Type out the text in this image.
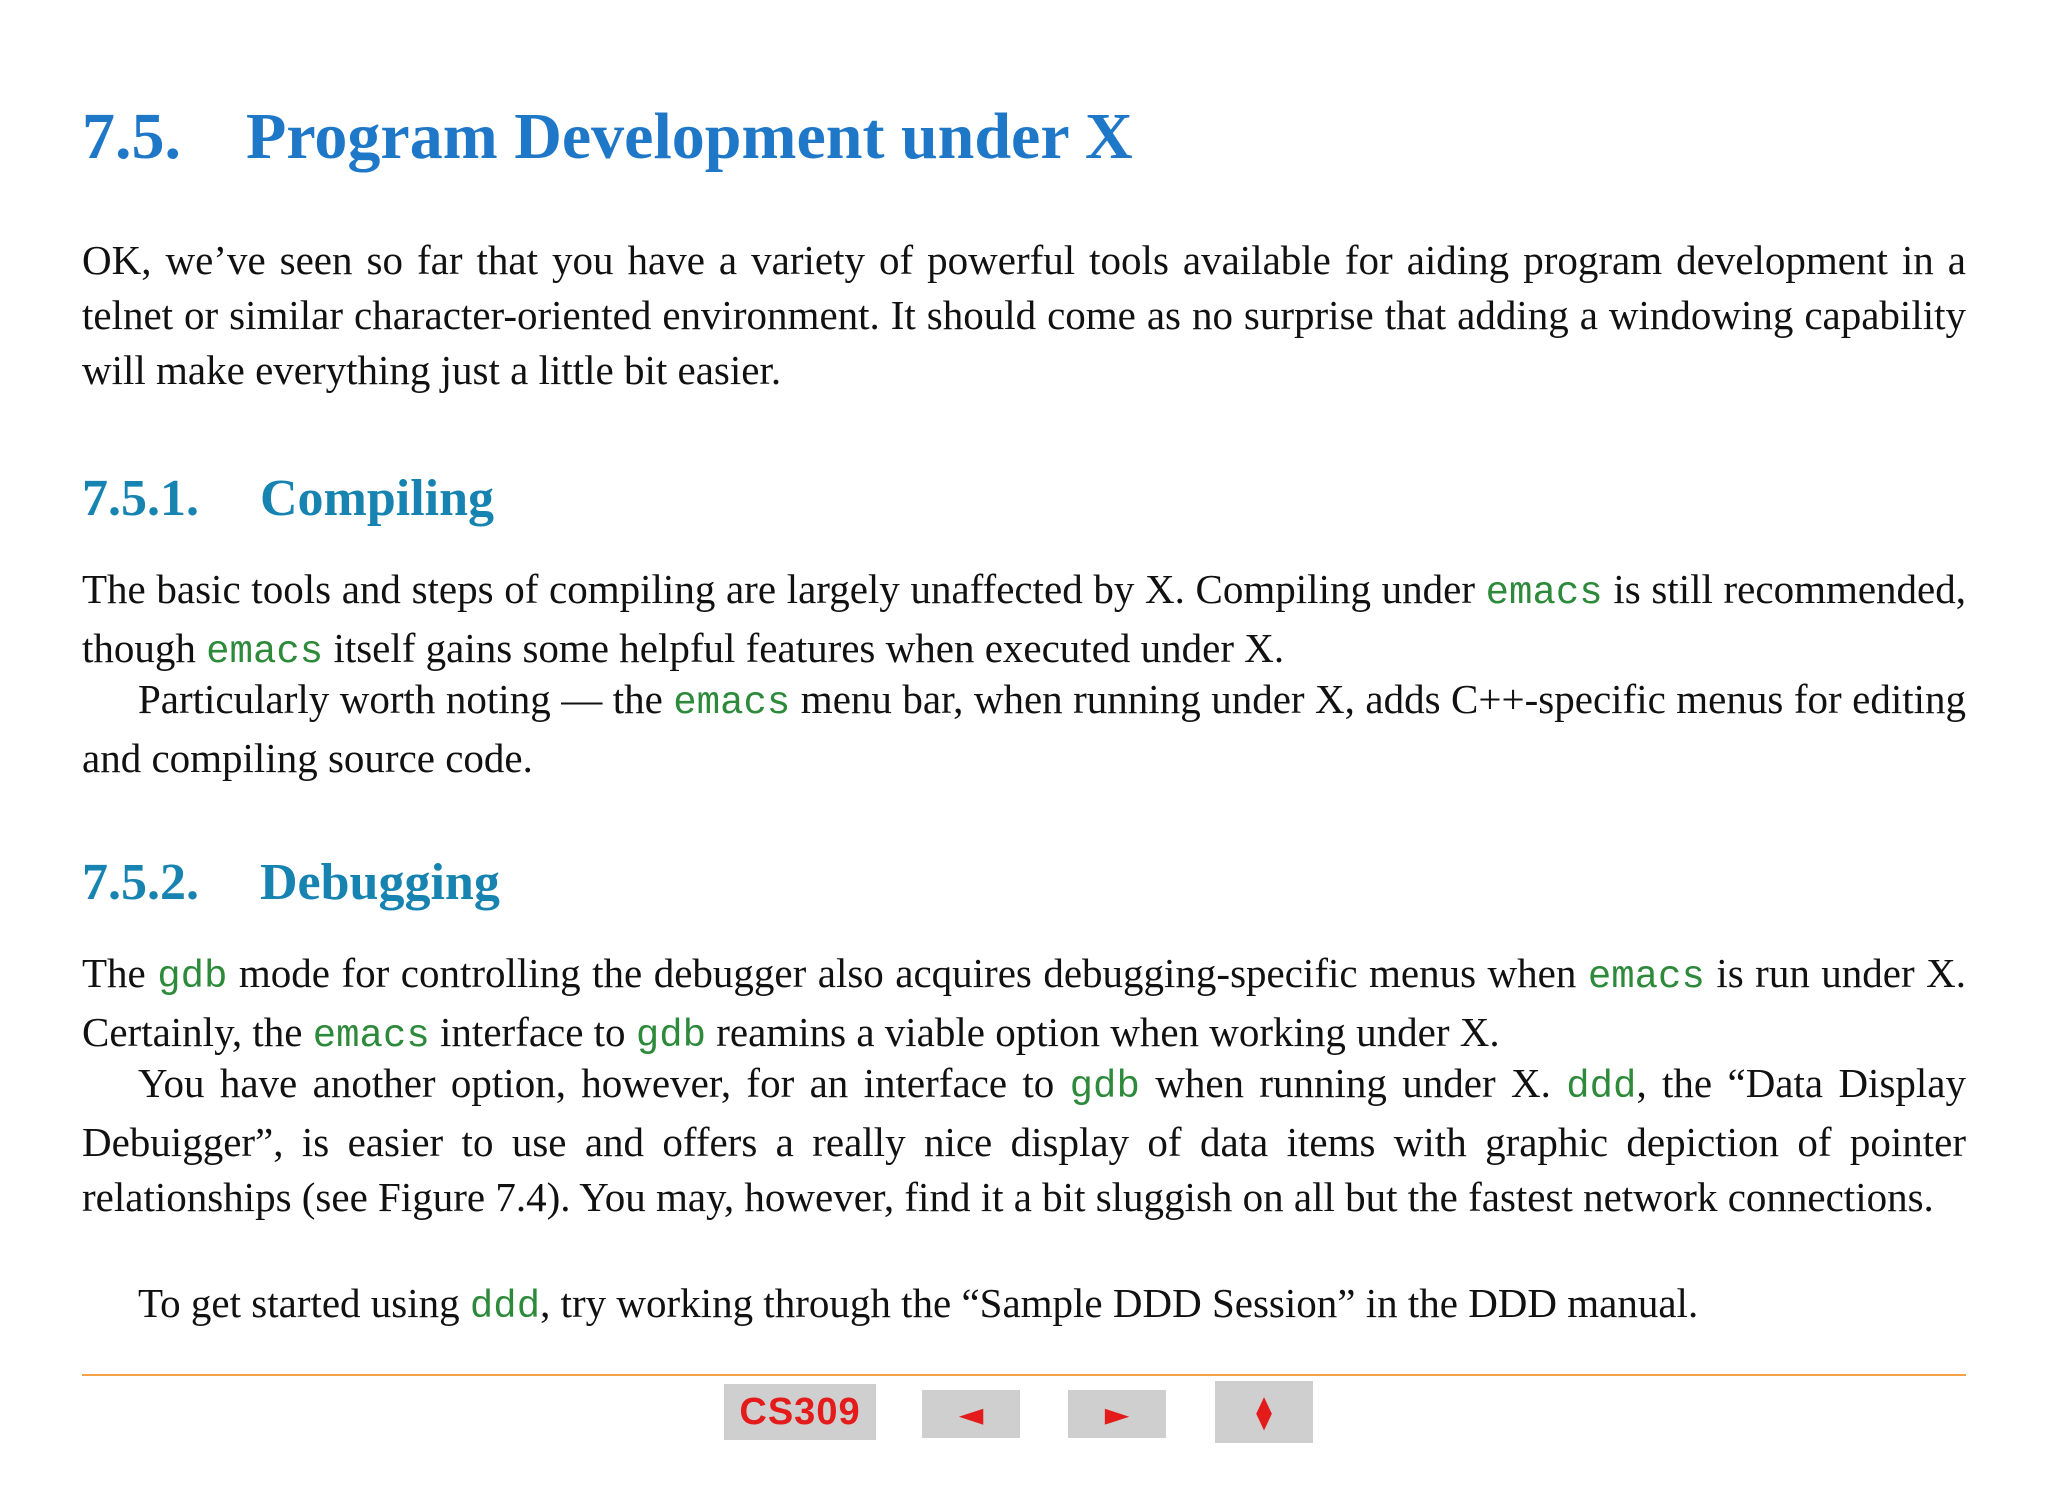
7.5. Program Development under X

OK, we’ve seen so far that you have a variety of powerful tools available for aiding program development in a telnet or similar character-oriented environment. It should come as no surprise that adding a windowing capability will make everything just a little bit easier.

7.5.1. Compiling

The basic tools and steps of compiling are largely unaffected by X. Compiling under emacs is still recommended, though emacs itself gains some helpful features when executed under X.

Particularly worth noting — the emacs menu bar, when running under X, adds C++-specific menus for editing and compiling source code.

7.5.2. Debugging

The gdb mode for controlling the debugger also acquires debugging-specific menus when emacs is run under X. Certainly, the emacs interface to gdb reamins a viable option when working under X.

You have another option, however, for an interface to gdb when running under X. ddd, the “Data Display Debuigger”, is easier to use and offers a really nice display of data items with graphic depiction of pointer relationships (see Figure 7.4). You may, however, find it a bit sluggish on all but the fastest network connections.

To get started using ddd, try working through the “Sample DDD Session” in the DDD manual.

CS309	◄	►	⧫
